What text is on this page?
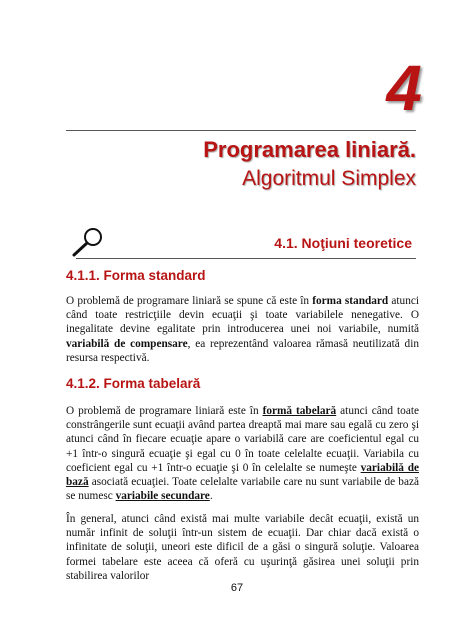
4
Programarea liniară.
Algoritmul Simplex
4.1. Noţiuni teoretice
4.1.1. Forma standard
O problemă de programare liniară se spune că este în forma standard atunci când toate restricţiile devin ecuaţii şi toate variabilele nenegative. O inegalitate devine egalitate prin introducerea unei noi variabile, numită variabilă de compensare, ea reprezentând valoarea rămasă neutilizată din resursa respectivă.
4.1.2. Forma tabelară
O problemă de programare liniară este în formă tabelară atunci când toate constrângerile sunt ecuaţii având partea dreaptă mai mare sau egală cu zero şi atunci când în fiecare ecuaţie apare o variabilă care are coeficientul egal cu +1 într-o singură ecuaţie şi egal cu 0 în toate celelalte ecuaţii. Variabila cu coeficient egal cu +1 într-o ecuaţie şi 0 în celelalte se numeşte variabilă de bază asociată ecuaţiei. Toate celelalte variabile care nu sunt variabile de bază se numesc variabile secundare.
În general, atunci când există mai multe variabile decât ecuaţii, există un număr infinit de soluţii într-un sistem de ecuaţii. Dar chiar dacă există o infinitate de soluţii, uneori este dificil de a găsi o singură soluţie. Valoarea formei tabelare este aceea că oferă cu uşurinţă găsirea unei soluţii prin stabilirea valorilor
67
